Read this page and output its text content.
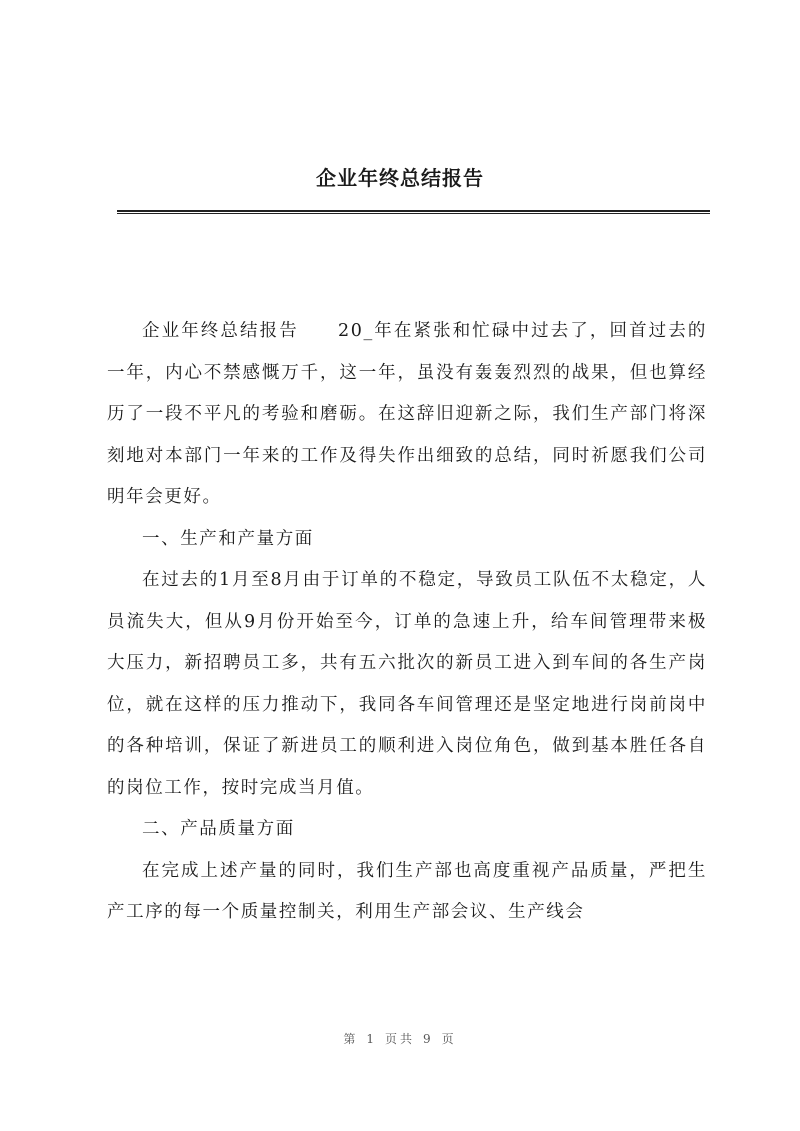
企业年终总结报告

企业年终总结报告　　20_年在紧张和忙碌中过去了，回首过去的一年，内心不禁感慨万千，这一年，虽没有轰轰烈烈的战果，但也算经历了一段不平凡的考验和磨砺。在这辞旧迎新之际，我们生产部门将深刻地对本部门一年来的工作及得失作出细致的总结，同时祈愿我们公司明年会更好。

一、生产和产量方面

在过去的1月至8月由于订单的不稳定，导致员工队伍不太稳定，人员流失大，但从9月份开始至今，订单的急速上升，给车间管理带来极大压力，新招聘员工多，共有五六批次的新员工进入到车间的各生产岗位，就在这样的压力推动下，我同各车间管理还是坚定地进行岗前岗中的各种培训，保证了新进员工的顺利进入岗位角色，做到基本胜任各自的岗位工作，按时完成当月值。

二、产品质量方面

在完成上述产量的同时，我们生产部也高度重视产品质量，严把生产工序的每一个质量控制关，利用生产部会议、生产线会

第 1 页共 9 页
